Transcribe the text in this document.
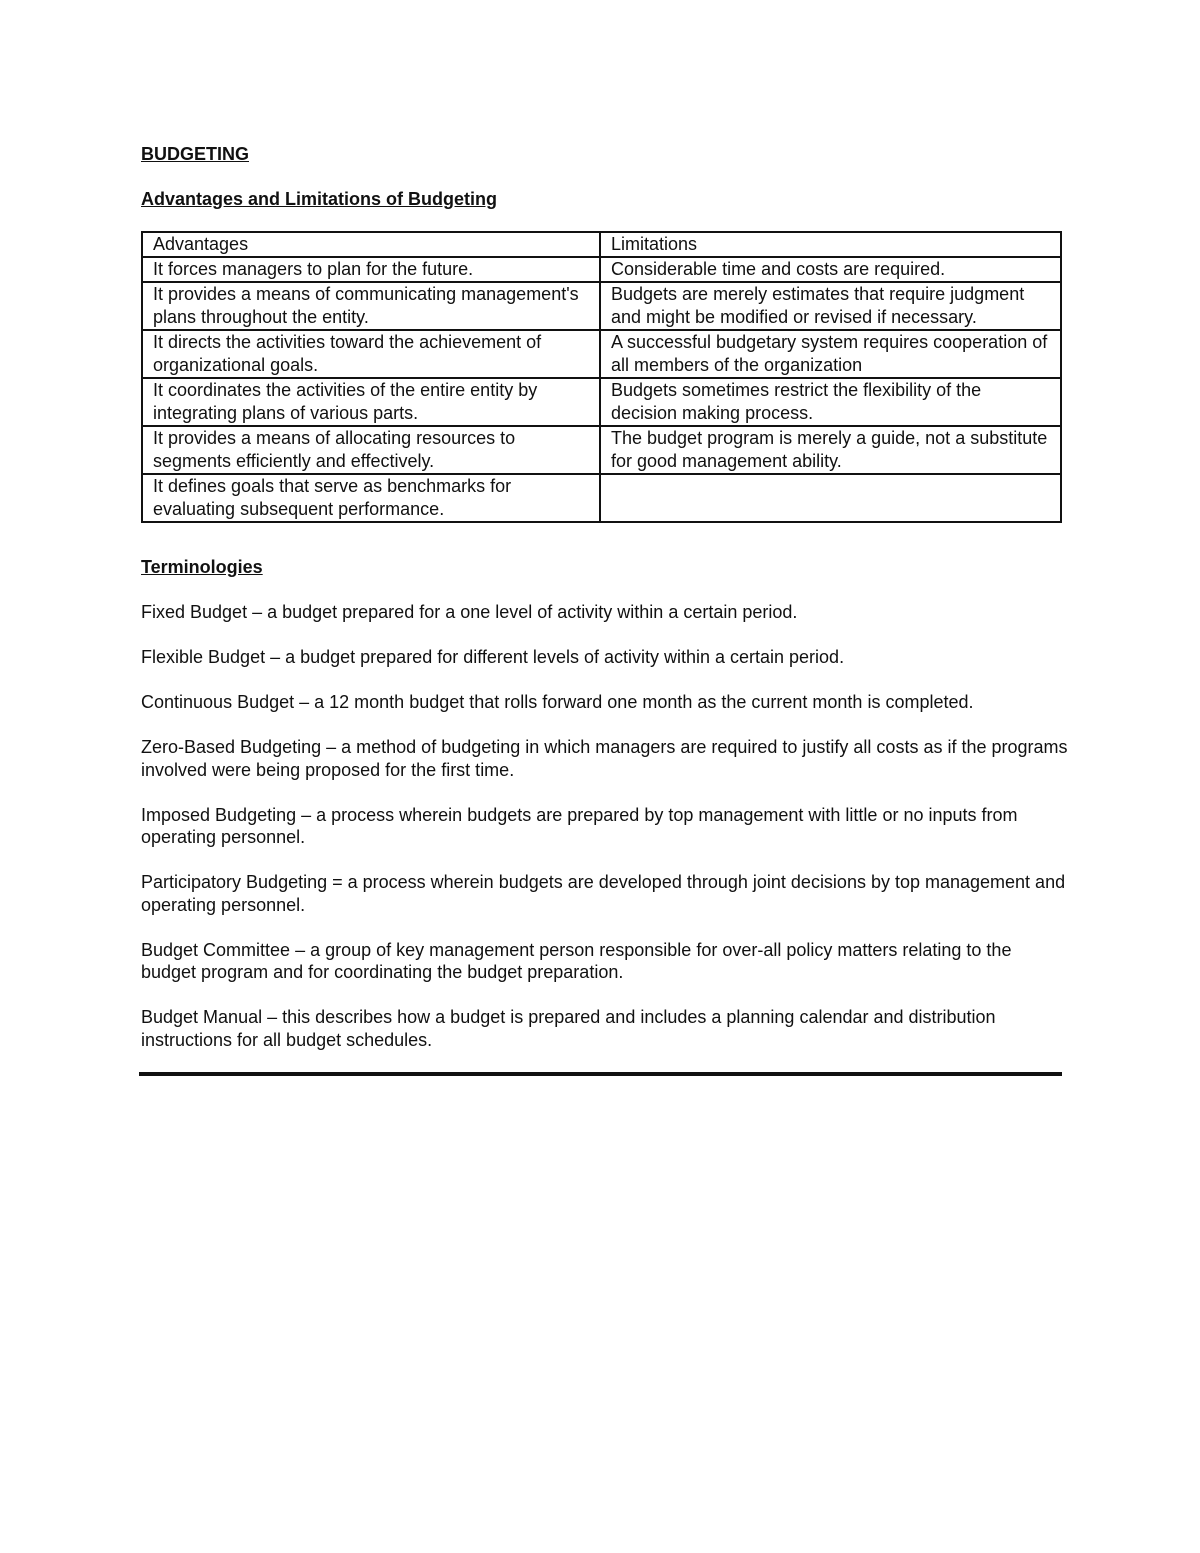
BUDGETING
Advantages and Limitations of Budgeting
Advantages	Limitations
It forces managers to plan for the future.	Considerable time and costs are required.
It provides a means of communicating management's plans throughout the entity.	Budgets are merely estimates that require judgment and might be modified or revised if necessary.
It directs the activities toward the achievement of organizational goals.	A successful budgetary system requires cooperation of all members of the organization
It coordinates the activities of the entire entity by integrating plans of various parts.	Budgets sometimes restrict the flexibility of the decision making process.
It provides a means of allocating resources to segments efficiently and effectively.	The budget program is merely a guide, not a substitute for good management ability.
It defines goals that serve as benchmarks for evaluating subsequent performance.	
Terminologies

Fixed Budget – a budget prepared for a one level of activity within a certain period.

Flexible Budget – a budget prepared for different levels of activity within a certain period.

Continuous Budget – a 12 month budget that rolls forward one month as the current month is completed.

Zero-Based Budgeting – a method of budgeting in which managers are required to justify all costs as if the programs involved were being proposed for the first time.

Imposed Budgeting – a process wherein budgets are prepared by top management with little or no inputs from operating personnel.

Participatory Budgeting = a process wherein budgets are developed through joint decisions by top management and operating personnel.

Budget Committee – a group of key management person responsible for over-all policy matters relating to the budget program and for coordinating the budget preparation.

Budget Manual – this describes how a budget is prepared and includes a planning calendar and distribution instructions for all budget schedules.
